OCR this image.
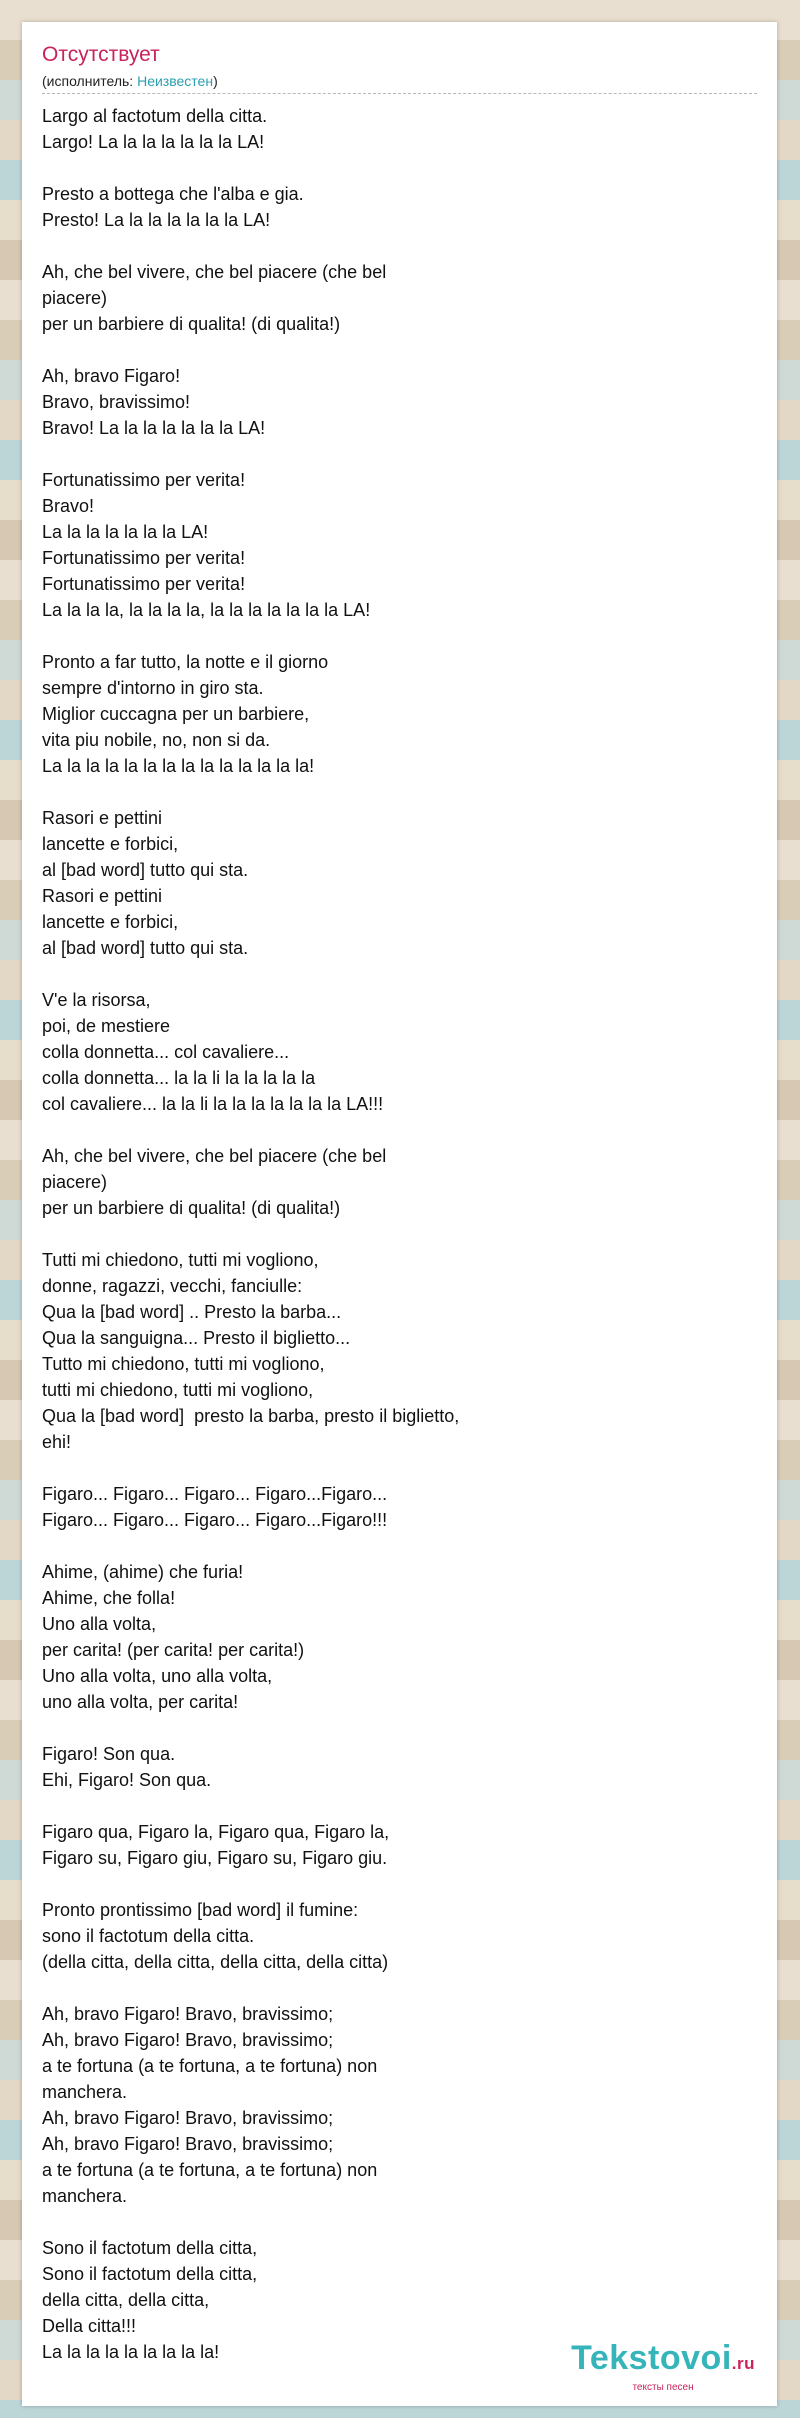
Отсутствует
(исполнитель: Неизвестен)
Largo al factotum della citta.
Largo! La la la la la la la LA!

Presto a bottega che l'alba e gia.
Presto! La la la la la la la LA!

Ah, che bel vivere, che bel piacere (che bel
piacere)
per un barbiere di qualita! (di qualita!)

Ah, bravo Figaro!
Bravo, bravissimo!
Bravo! La la la la la la la LA!

Fortunatissimo per verita!
Bravo!
La la la la la la la LA!
Fortunatissimo per verita!
Fortunatissimo per verita!
La la la la, la la la la, la la la la la la la LA!

Pronto a far tutto, la notte e il giorno
sempre d'intorno in giro sta.
Miglior cuccagna per un barbiere,
vita piu nobile, no, non si da.
La la la la la la la la la la la la la la!

Rasori e pettini
lancette e forbici,
al [bad word] tutto qui sta.
Rasori e pettini
lancette e forbici,
al [bad word] tutto qui sta.

V'e la risorsa,
poi, de mestiere
colla donnetta... col cavaliere...
colla donnetta... la la li la la la la la
col cavaliere... la la li la la la la la la la LA!!!

Ah, che bel vivere, che bel piacere (che bel
piacere)
per un barbiere di qualita! (di qualita!)

Tutti mi chiedono, tutti mi vogliono,
donne, ragazzi, vecchi, fanciulle:
Qua la [bad word] .. Presto la barba...
Qua la sanguigna... Presto il biglietto...
Tutto mi chiedono, tutti mi vogliono,
tutti mi chiedono, tutti mi vogliono,
Qua la [bad word]  presto la barba, presto il biglietto,
ehi!

Figaro... Figaro... Figaro... Figaro...Figaro...
Figaro... Figaro... Figaro... Figaro...Figaro!!!

Ahime, (ahime) che furia!
Ahime, che folla!
Uno alla volta,
per carita! (per carita! per carita!)
Uno alla volta, uno alla volta,
uno alla volta, per carita!

Figaro! Son qua.
Ehi, Figaro! Son qua.

Figaro qua, Figaro la, Figaro qua, Figaro la,
Figaro su, Figaro giu, Figaro su, Figaro giu.

Pronto prontissimo [bad word] il fumine:
sono il factotum della citta.
(della citta, della citta, della citta, della citta)

Ah, bravo Figaro! Bravo, bravissimo;
Ah, bravo Figaro! Bravo, bravissimo;
a te fortuna (a te fortuna, a te fortuna) non
manchera.
Ah, bravo Figaro! Bravo, bravissimo;
Ah, bravo Figaro! Bravo, bravissimo;
a te fortuna (a te fortuna, a te fortuna) non
manchera.

Sono il factotum della citta,
Sono il factotum della citta,
della citta, della citta,
Della citta!!!
La la la la la la la la la!	Tekstovoi.ru
тексты песен
